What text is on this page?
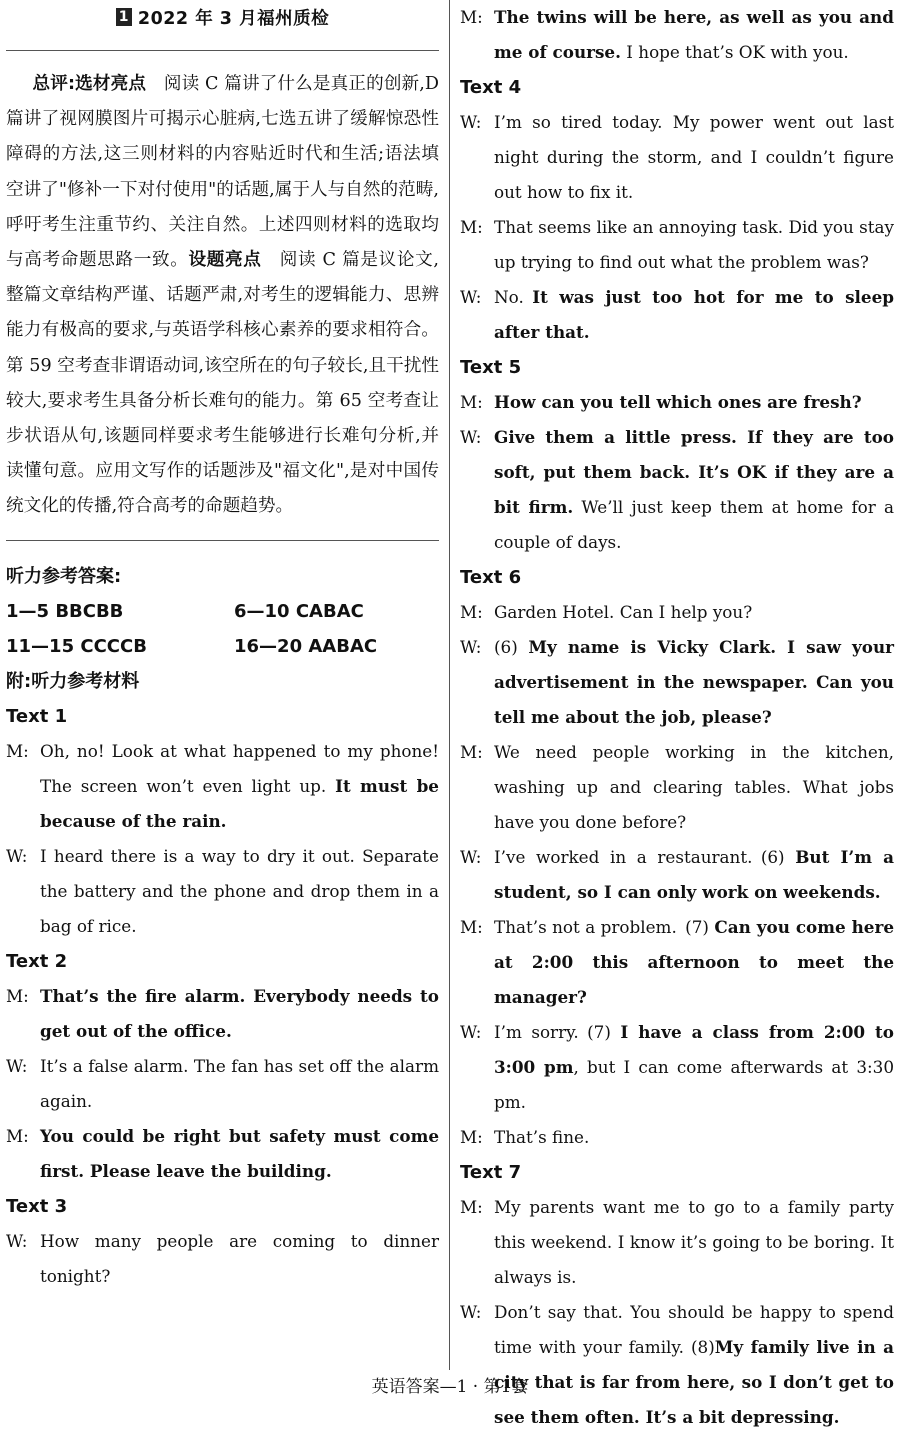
1 2022 年 3 月福州质检
  总评:选材亮点   阅读 C 篇讲了什么是真正的创新,D 篇讲了视网膜图片可揭示心脏病,七选五讲了缓解惊恐性障碍的方法,这三则材料的内容贴近时代和生活;语法填空讲了"修补一下对付使用"的话题,属于人与自然的范畴,呼吁考生注重节约、关注自然。上述四则材料的选取均与高考命题思路一致。设题亮点   阅读 C 篇是议论文,整篇文章结构严谨、话题严肃,对考生的逻辑能力、思辨能力有极高的要求,与英语学科核心素养的要求相符合。第 59 空考查非谓语动词,该空所在的句子较长,且干扰性较大,要求考生具备分析长难句的能力。第 65 空考查让步状语从句,该题同样要求考生能够进行长难句分析,并读懂句意。应用文写作的话题涉及"福文化",是对中国传统文化的传播,符合高考的命题趋势。
听力参考答案:
1—5 BBCBB	6—10 CABAC
11—15 CCCCB	16—20 AABAC
附:听力参考材料
Text 1
M: Oh, no! Look at what happened to my phone! The screen won’t even light up. It must be because of the rain.
W: I heard there is a way to dry it out. Separate the battery and the phone and drop them in a bag of rice.
Text 2
M: That’s the fire alarm. Everybody needs to get out of the office.
W: It’s a false alarm. The fan has set off the alarm again.
M: You could be right but safety must come first. Please leave the building.
Text 3
W: How many people are coming to dinner tonight?
M: The twins will be here, as well as you and me of course. I hope that’s OK with you.
Text 4
W: I’m so tired today. My power went out last night during the storm, and I couldn’t figure out how to fix it.
M: That seems like an annoying task. Did you stay up trying to find out what the problem was?
W: No.  It was just too hot for me to sleep after that.
Text 5
M: How can you tell which ones are fresh?
W: Give them a little press. If they are too soft, put them back. It’s OK if they are a bit firm. We’ll just keep them at home for a couple of days.
Text 6
M: Garden Hotel. Can I help you?
W: (6) My name is Vicky Clark. I saw your advertisement in the newspaper. Can you tell me about the job, please?
M: We need people working in the kitchen, washing up and clearing tables. What jobs have you done before?
W: I’ve worked in a restaurant.  (6) But I’m a student, so I can only work on weekends.
M: That’s not a problem.  (7) Can you come here at 2:00 this afternoon to meet the manager?
W: I’m sorry.  (7) I have a class from 2:00 to 3:00 pm, but I can come afterwards at 3:30 pm.
M: That’s fine.
Text 7
M: My parents want me to go to a family party this weekend. I know it’s going to be boring. It always is.
W: Don’t say that. You should be happy to spend time with your family. (8)My family live in a city that is far from here, so I don’t get to see them often. It’s a bit depressing.
英语答案—1 · 第1套
